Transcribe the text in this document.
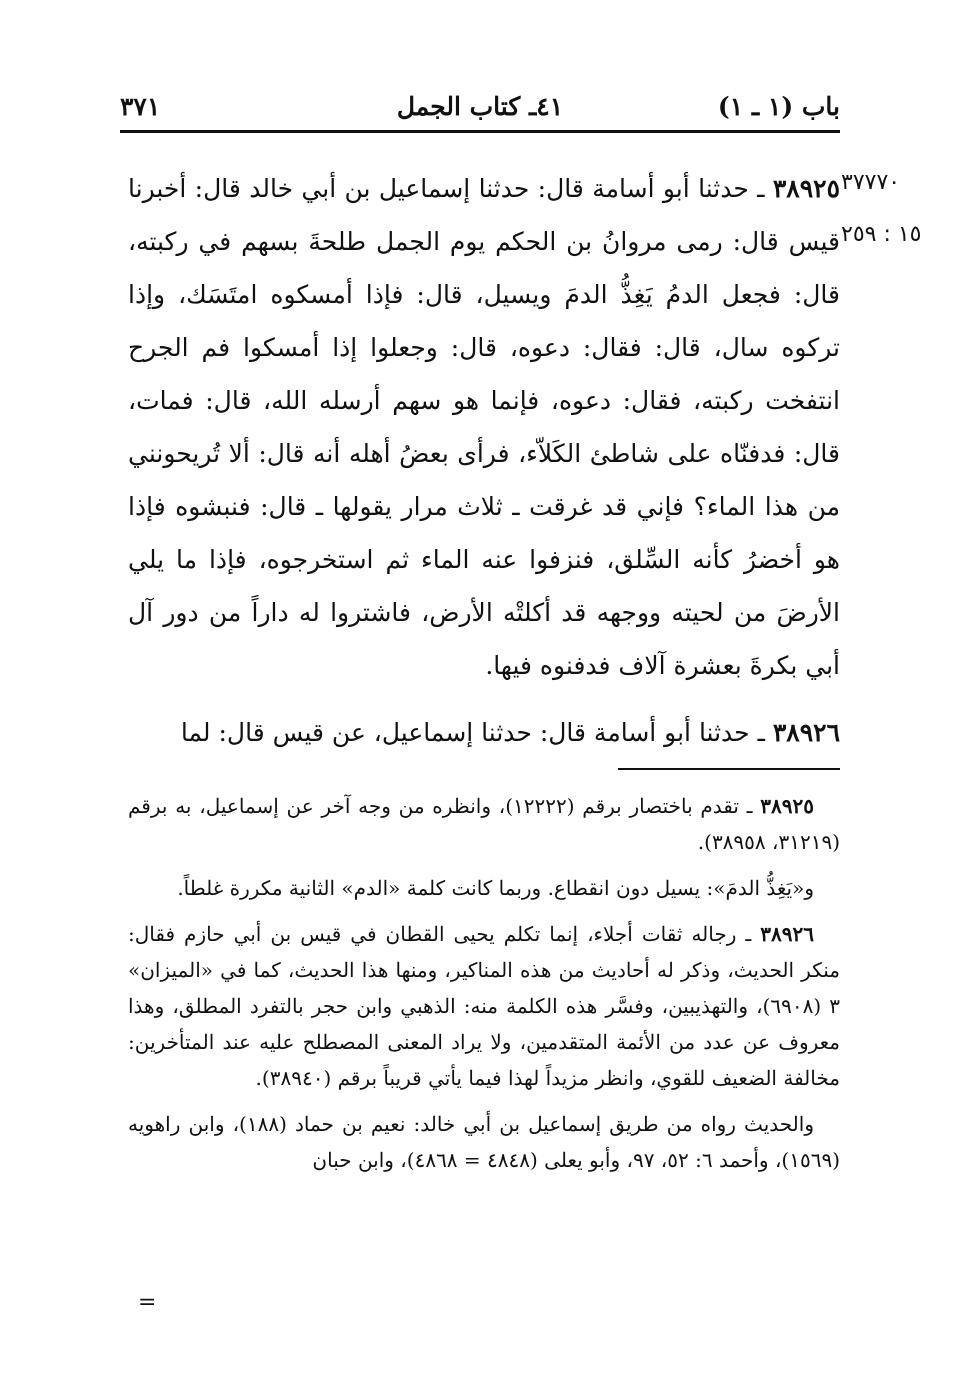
باب (١ ـ ١)
٤١ـ كتاب الجمل
٣٧١
٣٧٧٧٠
١٥ : ٢٥٩

٣٨٩٢٥ ـ حدثنا أبو أسامة قال: حدثنا إسماعيل بن أبي خالد قال: أخبرنا قيس قال: رمى مروانُ بن الحكم يوم الجمل طلحةَ بسهم في ركبته، قال: فجعل الدمُ يَغِذُّ الدمَ ويسيل، قال: فإذا أمسكوه امتَسَك، وإذا تركوه سال، قال: فقال: دعوه، قال: وجعلوا إذا أمسكوا فم الجرح انتفخت ركبته، فقال: دعوه، فإنما هو سهم أرسله الله، قال: فمات، قال: فدفنّاه على شاطئ الكَلاّء، فرأى بعضُ أهله أنه قال: ألا تُريحونني من هذا الماء؟ فإني قد غرقت ـ ثلاث مرار يقولها ـ قال: فنبشوه فإذا هو أخضرُ كأنه السِّلق، فنزفوا عنه الماء ثم استخرجوه، فإذا ما يلي الأرضَ من لحيته ووجهه قد أكلتْه الأرض، فاشتروا له داراً من دور آل أبي بكرةَ بعشرة آلاف فدفنوه فيها.

٣٨٩٢٦ ـ حدثنا أبو أسامة قال: حدثنا إسماعيل، عن قيس قال: لما

٣٨٩٢٥ ـ تقدم باختصار برقم (١٢٢٢٢)، وانظره من وجه آخر عن إسماعيل، به برقم (٣١٢١٩، ٣٨٩٥٨).

و«يَغِذُّ الدمَ»: يسيل دون انقطاع. وربما كانت كلمة «الدم» الثانية مكررة غلطاً.

٣٨٩٢٦ ـ رجاله ثقات أجلاء، إنما تكلم يحيى القطان في قيس بن أبي حازم فقال: منكر الحديث، وذكر له أحاديث من هذه المناكير، ومنها هذا الحديث، كما في «الميزان» ٣ (٦٩٠٨)، والتهذيبين، وفسَّر هذه الكلمة منه: الذهبي وابن حجر بالتفرد المطلق، وهذا معروف عن عدد من الأئمة المتقدمين، ولا يراد المعنى المصطلح عليه عند المتأخرين: مخالفة الضعيف للقوي، وانظر مزيداً لهذا فيما يأتي قريباً برقم (٣٨٩٤٠).

والحديث رواه من طريق إسماعيل بن أبي خالد: نعيم بن حماد (١٨٨)، وابن راهويه (١٥٦٩)، وأحمد ٦: ٥٢، ٩٧، وأبو يعلى (٤٨٤٨ = ٤٨٦٨)، وابن حبان

=
